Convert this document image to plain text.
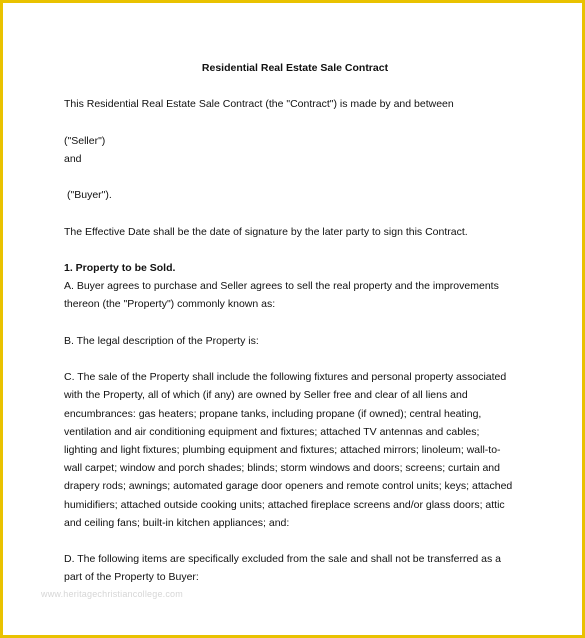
Residential Real Estate Sale Contract

This Residential Real Estate Sale Contract (the "Contract") is made by and between

("Seller")

and

("Buyer").

The Effective Date shall be the date of signature by the later party to sign this Contract.

1. Property to be Sold.

A. Buyer agrees to purchase and Seller agrees to sell the real property and the improvements

thereon (the "Property") commonly known as:

B. The legal description of the Property is:

C. The sale of the Property shall include the following fixtures and personal property associated

with the Property, all of which (if any) are owned by Seller free and clear of all liens and

encumbrances: gas heaters; propane tanks, including propane (if owned); central heating,

ventilation and air conditioning equipment and fixtures; attached TV antennas and cables;

lighting and light fixtures; plumbing equipment and fixtures; attached mirrors; linoleum; wall-to-

wall carpet; window and porch shades; blinds; storm windows and doors; screens; curtain and

drapery rods; awnings; automated garage door openers and remote control units; keys; attached

humidifiers; attached outside cooking units; attached fireplace screens and/or glass doors; attic

and ceiling fans; built-in kitchen appliances; and:

D. The following items are specifically excluded from the sale and shall not be transferred as a

part of the Property to Buyer:

www.heritagechristiancollege.com
